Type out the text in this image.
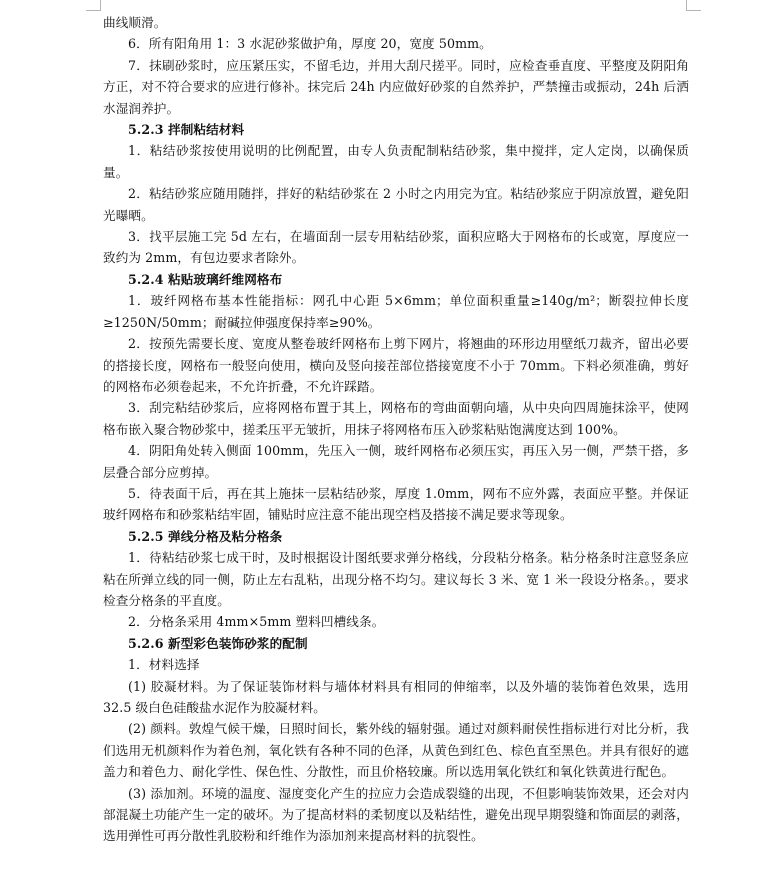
曲线顺滑。

6．所有阳角用 1：3 水泥砂浆做护角，厚度 20，宽度 50mm。

7．抹刷砂浆时，应压紧压实，不留毛边，并用大刮尺搓平。同时，应检查垂直度、平整度及阴阳角方正，对不符合要求的应进行修补。抹完后 24h 内应做好砂浆的自然养护，严禁撞击或振动，24h 后洒水湿润养护。

5.2.3 拌制粘结材料

1．粘结砂浆按使用说明的比例配置，由专人负责配制粘结砂浆，集中搅拌，定人定岗，以确保质量。

2．粘结砂浆应随用随拌，拌好的粘结砂浆在 2 小时之内用完为宜。粘结砂浆应于阴凉放置，避免阳光曝晒。

3．找平层施工完 5d 左右，在墙面刮一层专用粘结砂浆，面积应略大于网格布的长或宽，厚度应一致约为 2mm，有包边要求者除外。

5.2.4 粘贴玻璃纤维网格布

1．玻纤网格布基本性能指标：网孔中心距 5×6mm；单位面积重量≥140g/m²；断裂拉伸长度≥1250N/50mm；耐碱拉伸强度保持率≥90%。

2．按预先需要长度、宽度从整卷玻纤网格布上剪下网片，将翘曲的环形边用壁纸刀裁齐，留出必要的搭接长度，网格布一般竖向使用，横向及竖向接茬部位搭接宽度不小于 70mm。下料必须准确，剪好的网格布必须卷起来，不允许折叠，不允许踩踏。

3．刮完粘结砂浆后，应将网格布置于其上，网格布的弯曲面朝向墙，从中央向四周施抹涂平，使网格布嵌入聚合物砂浆中，搓柔压平无皱折，用抹子将网格布压入砂浆粘贴饱满度达到 100%。

4．阴阳角处转入侧面 100mm，先压入一侧，玻纤网格布必须压实，再压入另一侧，严禁干搭，多层叠合部分应剪掉。

5．待表面干后，再在其上施抹一层粘结砂浆，厚度 1.0mm，网布不应外露，表面应平整。并保证玻纤网格布和砂浆粘结牢固，铺贴时应注意不能出现空档及搭接不满足要求等现象。

5.2.5 弹线分格及粘分格条

1．待粘结砂浆七成干时，及时根据设计图纸要求弹分格线，分段粘分格条。粘分格条时注意竖条应粘在所弹立线的同一侧，防止左右乱粘，出现分格不均匀。建议每长 3 米、宽 1 米一段设分格条。，要求检查分格条的平直度。

2．分格条采用 4mm×5mm 塑料凹槽线条。

5.2.6 新型彩色装饰砂浆的配制

1．材料选择

(1) 胶凝材料。为了保证装饰材料与墙体材料具有相同的伸缩率，以及外墙的装饰着色效果，选用 32.5 级白色硅酸盐水泥作为胶凝材料。

(2) 颜料。敦煌气候干燥，日照时间长，紫外线的辐射强。通过对颜料耐侯性指标进行对比分析，我们选用无机颜料作为着色剂，氧化铁有各种不同的色泽，从黄色到红色、棕色直至黑色。并具有很好的遮盖力和着色力、耐化学性、保色性、分散性，而且价格较廉。所以选用氧化铁红和氧化铁黄进行配色。

(3) 添加剂。环境的温度、湿度变化产生的拉应力会造成裂缝的出现，不但影响装饰效果，还会对内部混凝土功能产生一定的破坏。为了提高材料的柔韧度以及粘结性，避免出现早期裂缝和饰面层的剥落，选用弹性可再分散性乳胶粉和纤维作为添加剂来提高材料的抗裂性。
